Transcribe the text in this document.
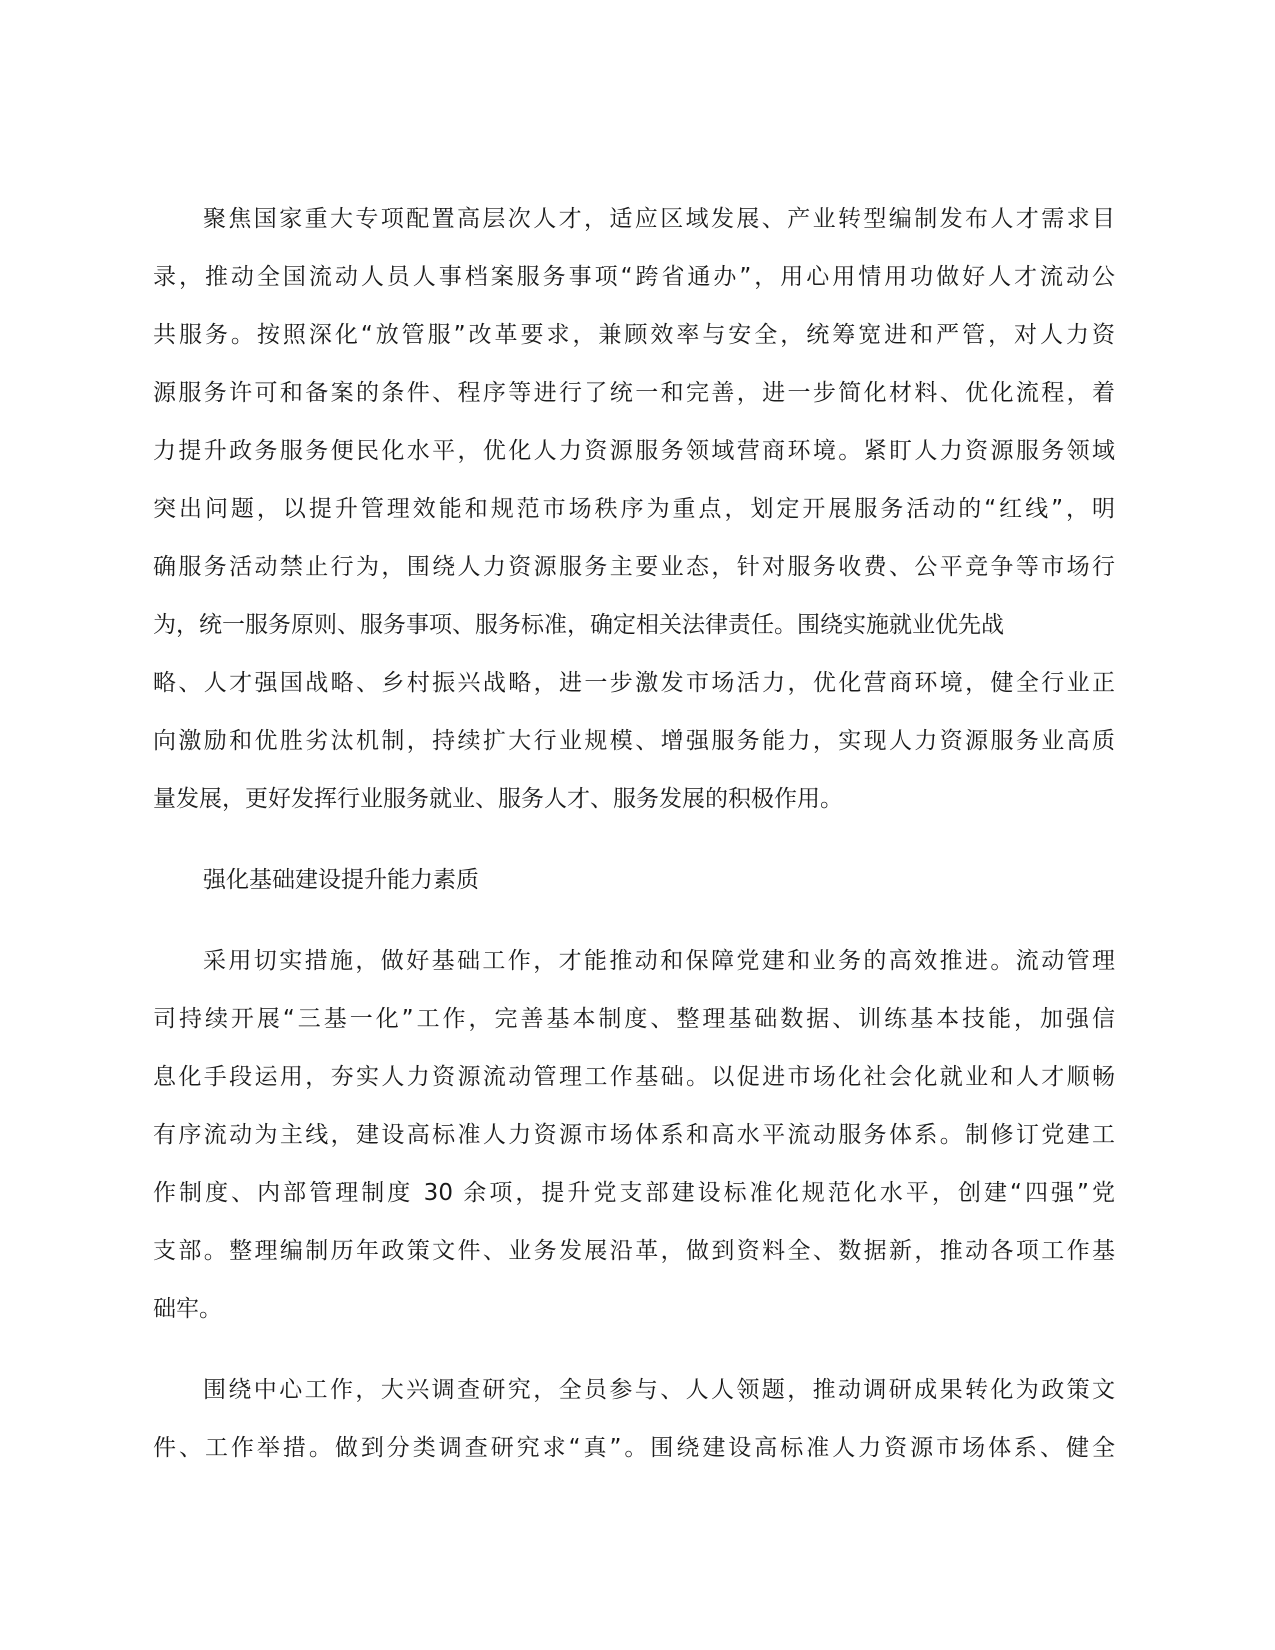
聚焦国家重大专项配置高层次人才，适应区域发展、产业转型编制发布人才需求目
录，推动全国流动人员人事档案服务事项“跨省通办”，用心用情用功做好人才流动公
共服务。按照深化“放管服”改革要求，兼顾效率与安全，统筹宽进和严管，对人力资
源服务许可和备案的条件、程序等进行了统一和完善，进一步简化材料、优化流程，着
力提升政务服务便民化水平，优化人力资源服务领域营商环境。紧盯人力资源服务领域
突出问题，以提升管理效能和规范市场秩序为重点，划定开展服务活动的“红线”，明
确服务活动禁止行为，围绕人力资源服务主要业态，针对服务收费、公平竞争等市场行
为，统一服务原则、服务事项、服务标准，确定相关法律责任。围绕实施就业优先战
略、人才强国战略、乡村振兴战略，进一步激发市场活力，优化营商环境，健全行业正
向激励和优胜劣汰机制，持续扩大行业规模、增强服务能力，实现人力资源服务业高质
量发展，更好发挥行业服务就业、服务人才、服务发展的积极作用。
强化基础建设提升能力素质
采用切实措施，做好基础工作，才能推动和保障党建和业务的高效推进。流动管理
司持续开展“三基一化”工作，完善基本制度、整理基础数据、训练基本技能，加强信
息化手段运用，夯实人力资源流动管理工作基础。以促进市场化社会化就业和人才顺畅
有序流动为主线，建设高标准人力资源市场体系和高水平流动服务体系。制修订党建工
作制度、内部管理制度 30 余项，提升党支部建设标准化规范化水平，创建“四强”党
支部。整理编制历年政策文件、业务发展沿革，做到资料全、数据新，推动各项工作基
础牢。
围绕中心工作，大兴调查研究，全员参与、人人领题，推动调研成果转化为政策文
件、工作举措。做到分类调查研究求“真”。围绕建设高标准人力资源市场体系、健全
